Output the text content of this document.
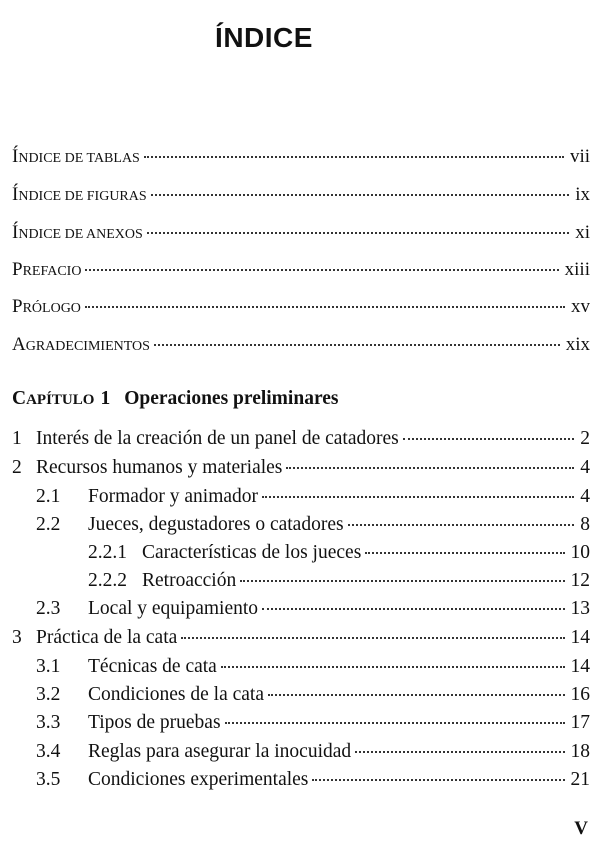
ÍNDICE
ÍNDICE DE TABLAS	vii
ÍNDICE DE FIGURAS	ix
ÍNDICE DE ANEXOS	xi
PREFACIO	xiii
PRÓLOGO	xv
AGRADECIMIENTOS	xix
CAPÍTULO 1 Operaciones preliminares
1 Interés de la creación de un panel de catadores	2
2 Recursos humanos y materiales	4
2.1	Formador y animador	4
2.2	Jueces, degustadores o catadores	8
2.2.1 Características de los jueces	10
2.2.2 Retroacción	12
2.3	Local y equipamiento	13
3 Práctica de la cata	14
3.1	Técnicas de cata	14
3.2	Condiciones de la cata	16
3.3	Tipos de pruebas	17
3.4	Reglas para asegurar la inocuidad	18
3.5	Condiciones experimentales	21
V
